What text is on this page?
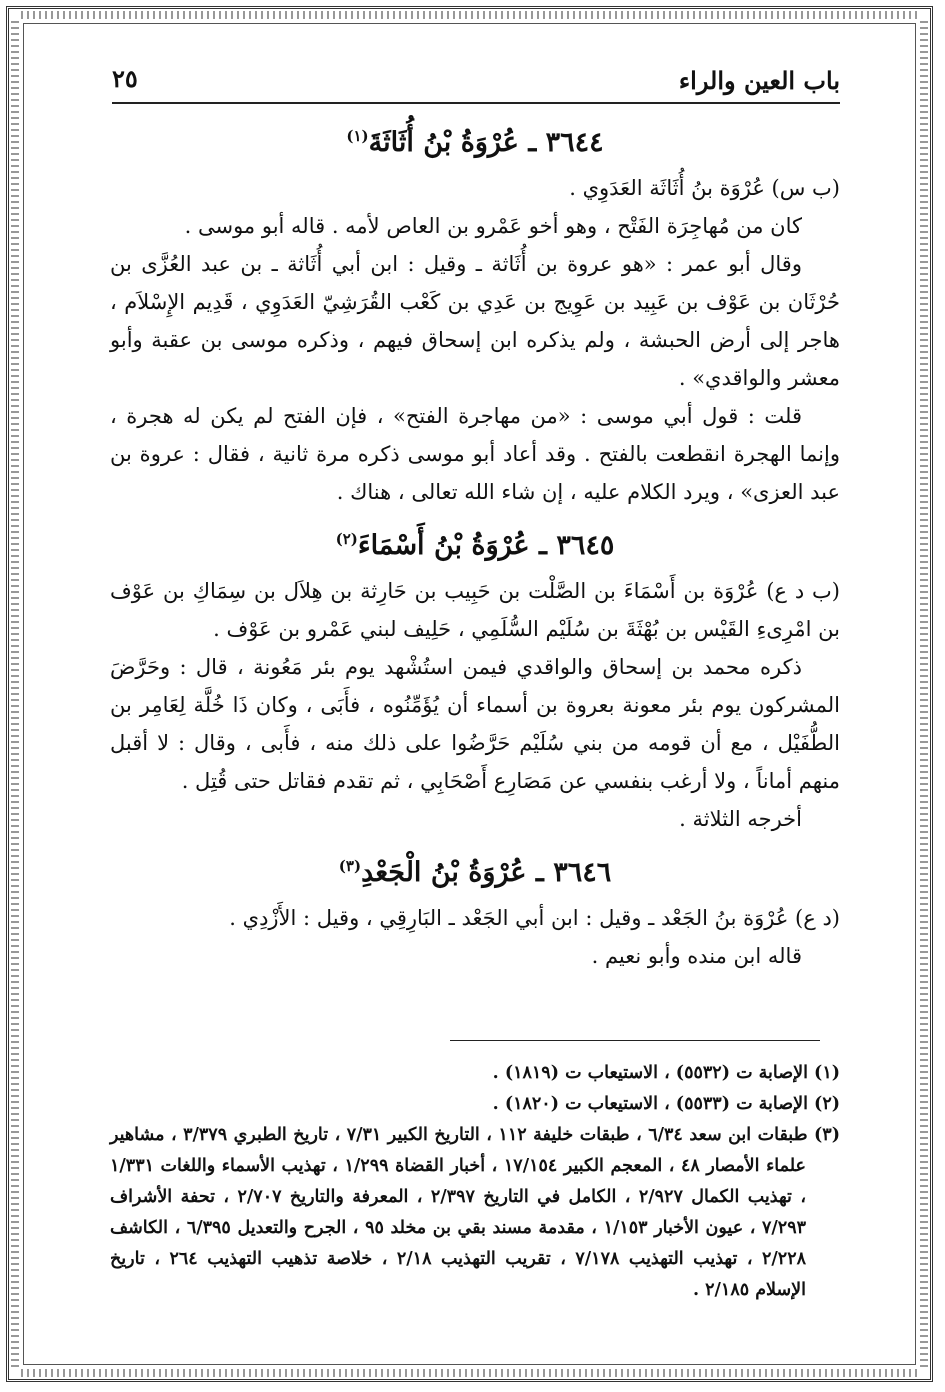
باب العين والراء
٢٥
٣٦٤٤ ـ عُرْوَةُ بْنُ أُثَاثَةَ$^{(١)}$

(ب س) عُرْوَة بنُ أُثَاثَة العَدَوِي .

كان من مُهاجِرَة الفَتْح ، وهو أخو عَمْرو بن العاص لأمه . قاله أبو موسى .

وقال أبو عمر : «هو عروة بن أُثَاثة ـ وقيل : ابن أبي أُثَاثة ـ بن عبد العُزَّى بن حُرْثَان بن عَوْف بن عَبِيد بن عَوِيج بن عَدِي بن كَعْب القُرَشِيّ العَدَوِي ، قَدِيم الإِسْلاَم ، هاجر إلى أرض الحبشة ، ولم يذكره ابن إسحاق فيهم ، وذكره موسى بن عقبة وأبو معشر والواقدي» .

قلت : قول أبي موسى : «من مهاجرة الفتح» ، فإن الفتح لم يكن له هجرة ، وإنما الهجرة انقطعت بالفتح . وقد أعاد أبو موسى ذكره مرة ثانية ، فقال : عروة بن عبد العزى» ، ويرد الكلام عليه ، إن شاء الله تعالى ، هناك .

٣٦٤٥ ـ عُرْوَةُ بْنُ أَسْمَاءَ$^{(٢)}$

(ب د ع) عُرْوَة بن أَسْمَاءَ بن الصَّلْت بن حَبِيب بن حَارِثة بن هِلاَل بن سِمَاكِ بن عَوْف بن امْرِىءِ القَيْس بن بُهْثَةَ بن سُلَيْم السُّلَمِي ، حَلِيف لبني عَمْرو بن عَوْف .

ذكره محمد بن إسحاق والواقدي فيمن استُشْهد يوم بئر مَعُونة ، قال : وحَرَّضَ المشركون يوم بئر معونة بعروة بن أسماء أن يُؤَمِّنُوه ، فأَبَى ، وكان ذَا خُلَّة لِعَامِر بن الطُّفَيْل ، مع أن قومه من بني سُلَيْم حَرَّضُوا على ذلك منه ، فأَبى ، وقال : لا أقبل منهم أماناً ، ولا أرغب بنفسي عن مَصَارِع أَصْحَابِي ، ثم تقدم فقاتل حتى قُتِل .

أخرجه الثلاثة .

٣٦٤٦ ـ عُرْوَةُ بْنُ الْجَعْدِ$^{(٣)}$

(د ع) عُرْوَة بنُ الجَعْد ـ وقيل : ابن أبي الجَعْد ـ البَارِقِي ، وقيل : الأَزْدِي .

قاله ابن منده وأبو نعيم .

(١) الإصابة ت (٥٥٣٢) ، الاستيعاب ت (١٨١٩) .

(٢) الإصابة ت (٥٥٣٣) ، الاستيعاب ت (١٨٢٠) .

(٣) طبقات ابن سعد ٦/٣٤ ، طبقات خليفة ١١٢ ، التاريخ الكبير ٧/٣١ ، تاريخ الطبري ٣/٣٧٩ ، مشاهير علماء الأمصار ٤٨ ، المعجم الكبير ١٧/١٥٤ ، أخبار القضاة ١/٢٩٩ ، تهذيب الأسماء واللغات ١/٣٣١ ، تهذيب الكمال ٢/٩٢٧ ، الكامل في التاريخ ٢/٣٩٧ ، المعرفة والتاريخ ٢/٧٠٧ ، تحفة الأشراف ٧/٢٩٣ ، عيون الأخبار ١/١٥٣ ، مقدمة مسند بقي بن مخلد ٩٥ ، الجرح والتعديل ٦/٣٩٥ ، الكاشف ٢/٢٢٨ ، تهذيب التهذيب ٧/١٧٨ ، تقريب التهذيب ٢/١٨ ، خلاصة تذهيب التهذيب ٢٦٤ ، تاريخ الإسلام ٢/١٨٥ .
